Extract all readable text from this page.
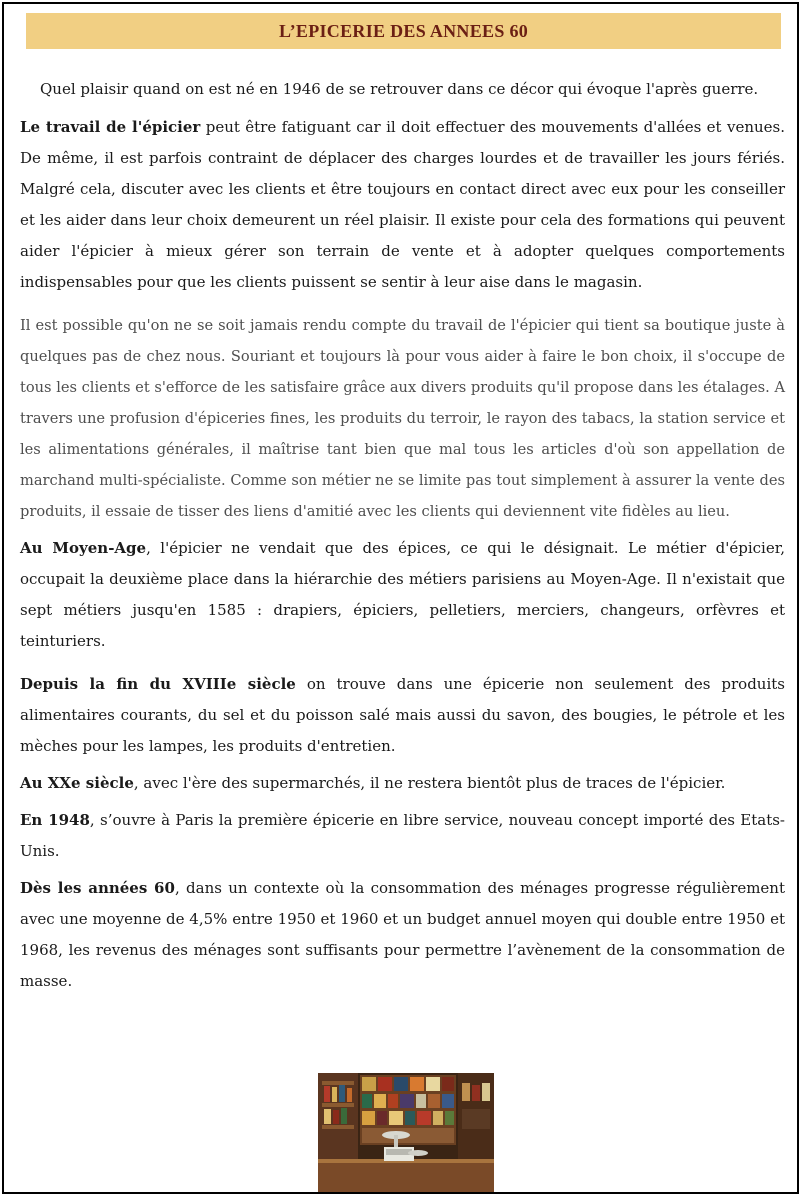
L’EPICERIE DES ANNEES 60

Quel plaisir quand on est né en 1946 de se retrouver dans ce décor qui évoque l'après guerre.

Le travail de l'épicier peut être fatiguant car il doit effectuer des mouvements d'allées et venues. De même, il est parfois contraint de déplacer des charges lourdes et de travailler les jours fériés. Malgré cela, discuter avec les clients et être toujours en contact direct avec eux pour les conseiller et les aider dans leur choix demeurent un réel plaisir. Il existe pour cela des formations qui peuvent aider l'épicier à mieux gérer son terrain de vente et à adopter quelques comportements indispensables pour que les clients puissent se sentir à leur aise dans le magasin.

Il est possible qu'on ne se soit jamais rendu compte du travail de l'épicier qui tient sa boutique juste à quelques pas de chez nous. Souriant et toujours là pour vous aider à faire le bon choix, il s'occupe de tous les clients et s'efforce de les satisfaire grâce aux divers produits qu'il propose dans les étalages. A travers une profusion d'épiceries fines, les produits du terroir, le rayon des tabacs, la station service et les alimentations générales, il maîtrise tant bien que mal tous les articles d'où son appellation de marchand multi-spécialiste. Comme son métier ne se limite pas tout simplement à assurer la vente des produits, il essaie de tisser des liens d'amitié avec les clients qui deviennent vite fidèles au lieu.

Au Moyen-Age, l'épicier ne vendait que des épices, ce qui le désignait. Le métier d'épicier, occupait la deuxième place dans la hiérarchie des métiers parisiens au Moyen-Age. Il n'existait que sept métiers jusqu'en 1585 : drapiers, épiciers, pelletiers, merciers, changeurs, orfèvres et teinturiers.

Depuis la fin du XVIIIe siècle on trouve dans une épicerie non seulement des produits alimentaires courants, du sel et du poisson salé mais aussi du savon, des bougies, le pétrole et les mèches pour les lampes, les produits d'entretien.

Au XXe siècle, avec l'ère des supermarchés, il ne restera bientôt plus de traces de l'épicier.

En 1948, s’ouvre à Paris la première épicerie en libre service, nouveau concept importé des Etats-Unis.

Dès les années 60, dans un contexte où la consommation des ménages progresse régulièrement avec une moyenne de 4,5% entre 1950 et 1960 et un budget annuel moyen qui double entre 1950 et 1968, les revenus des ménages sont suffisants pour permettre l’avènement de la consommation de masse.
